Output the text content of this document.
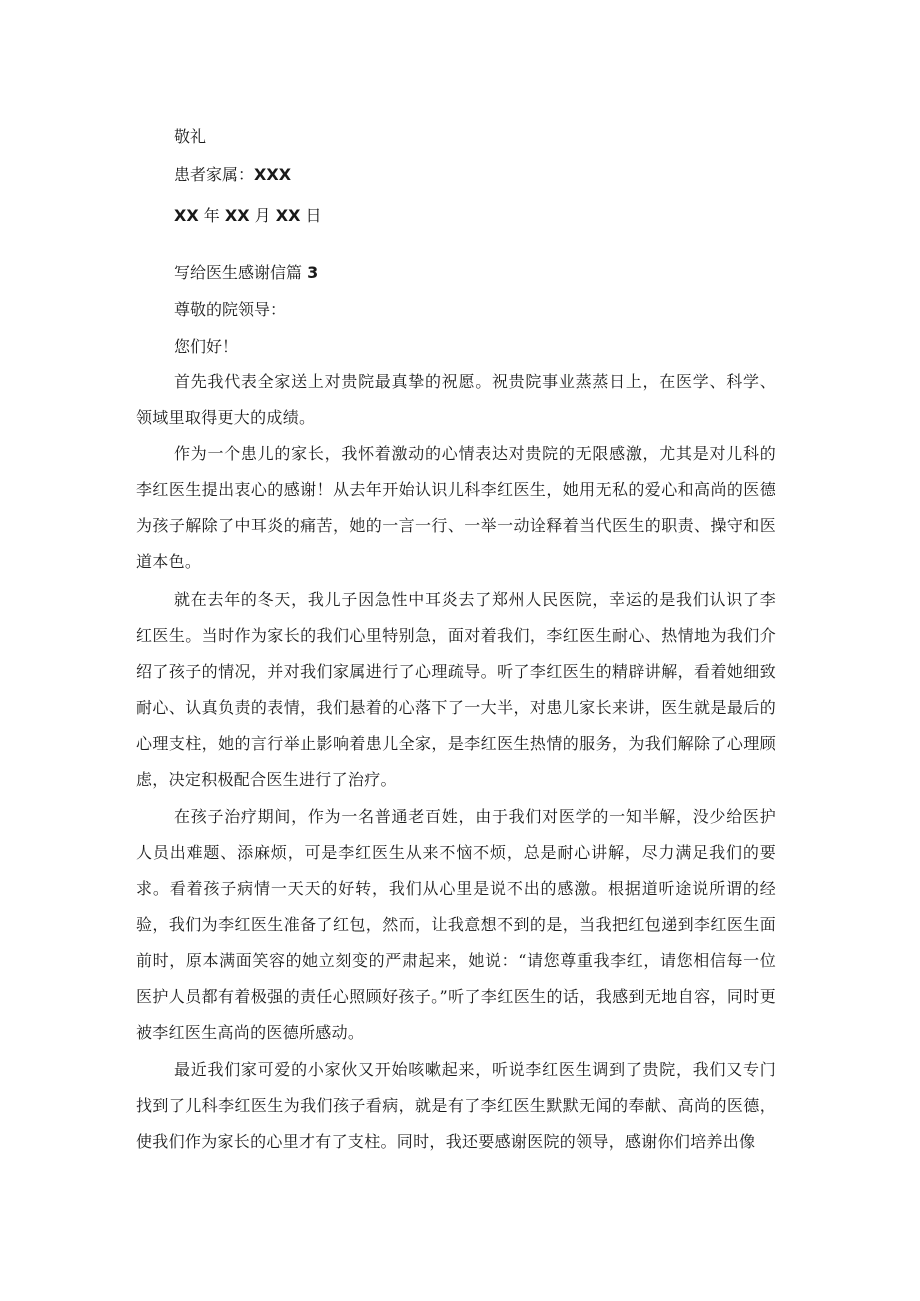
敬礼
患者家属：XXX
XX 年 XX 月 XX 日
写给医生感谢信篇 3
尊敬的院领导：
您们好！

首先我代表全家送上对贵院最真挚的祝愿。祝贵院事业蒸蒸日上，在医学、科学、领域里取得更大的成绩。

作为一个患儿的家长，我怀着激动的心情表达对贵院的无限感激，尤其是对儿科的李红医生提出衷心的感谢！从去年开始认识儿科李红医生，她用无私的爱心和高尚的医德为孩子解除了中耳炎的痛苦，她的一言一行、一举一动诠释着当代医生的职责、操守和医道本色。

就在去年的冬天，我儿子因急性中耳炎去了郑州人民医院，幸运的是我们认识了李红医生。当时作为家长的我们心里特别急，面对着我们，李红医生耐心、热情地为我们介绍了孩子的情况，并对我们家属进行了心理疏导。听了李红医生的精辟讲解，看着她细致耐心、认真负责的表情，我们悬着的心落下了一大半，对患儿家长来讲，医生就是最后的心理支柱，她的言行举止影响着患儿全家，是李红医生热情的服务，为我们解除了心理顾虑，决定积极配合医生进行了治疗。

在孩子治疗期间，作为一名普通老百姓，由于我们对医学的一知半解，没少给医护人员出难题、添麻烦，可是李红医生从来不恼不烦，总是耐心讲解，尽力满足我们的要求。看着孩子病情一天天的好转，我们从心里是说不出的感激。根据道听途说所谓的经验，我们为李红医生准备了红包，然而，让我意想不到的是，当我把红包递到李红医生面前时，原本满面笑容的她立刻变的严肃起来，她说：“请您尊重我李红，请您相信每一位医护人员都有着极强的责任心照顾好孩子。”听了李红医生的话，我感到无地自容，同时更被李红医生高尚的医德所感动。

最近我们家可爱的小家伙又开始咳嗽起来，听说李红医生调到了贵院，我们又专门找到了儿科李红医生为我们孩子看病，就是有了李红医生默默无闻的奉献、高尚的医德，使我们作为家长的心里才有了支柱。同时，我还要感谢医院的领导，感谢你们培养出像
